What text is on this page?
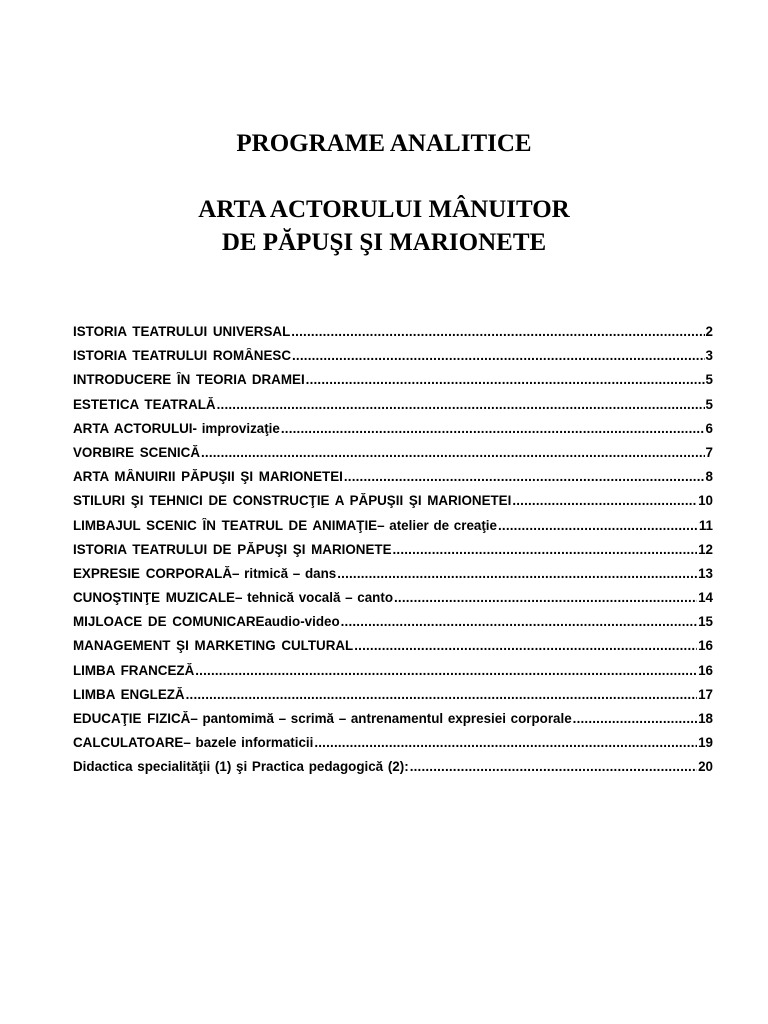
PROGRAME ANALITICE
ARTA ACTORULUI MÂNUITOR
DE PĂPUŞI ŞI MARIONETE
ISTORIA TEATRULUI UNIVERSAL .....	2
ISTORIA TEATRULUI ROMÂNESC .....	3
INTRODUCERE ÎN TEORIA DRAMEI .....	5
ESTETICA TEATRALĂ .....	5
ARTA ACTORULUI - improvizaţie .....	6
VORBIRE SCENICĂ .....	7
ARTA MÂNUIRII PĂPUŞII ŞI MARIONETEI .....	8
STILURI ŞI TEHNICI DE CONSTRUCŢIE A PĂPUŞII ŞI MARIONETEI .....	10
LIMBAJUL SCENIC ÎN TEATRUL DE ANIMAŢIE – atelier de creaţie .....	11
ISTORIA TEATRULUI DE PĂPUŞI ŞI MARIONETE .....	12
EXPRESIE CORPORALĂ – ritmică – dans .....	13
CUNOŞTINŢE MUZICALE – tehnică vocală – canto .....	14
MIJLOACE DE COMUNICARE audio-video .....	15
MANAGEMENT ŞI MARKETING CULTURAL .....	16
LIMBA FRANCEZĂ .....	16
LIMBA ENGLEZĂ .....	17
EDUCAŢIE FIZICĂ – pantomimă – scrimă – antrenamentul expresiei corporale .....	18
CALCULATOARE – bazele informaticii .....	19
Didactica specialităţii (1) şi Practica pedagogică (2): .....	20
